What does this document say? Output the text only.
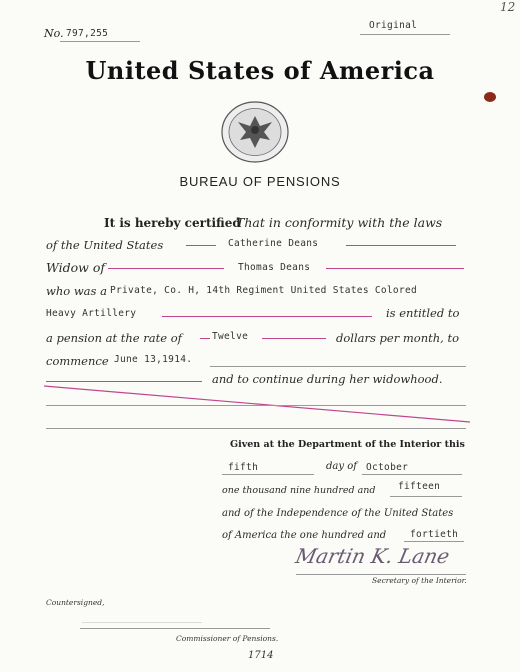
12
No. 797,255
Original
United States of America
BUREAU OF PENSIONS
It is hereby certified
That in conformity with the laws
of the United States	Catherine Deans
Widow of	Thomas Deans
who was a Private, Co. H, 14th Regiment United States Colored
Heavy Artillery	is entitled to
a pension at the rate of	Twelve	dollars per month, to
commence June 13,1914.
and to continue during her widowhood.
Given at the Department of the Interior this
fifth	day of October
one thousand nine hundred and fifteen
and of the Independence of the United States
of America the one hundred and	fortieth
Martin K. Lane
Secretary of the Interior.
Countersigned,
Commissioner of Pensions.
1714
